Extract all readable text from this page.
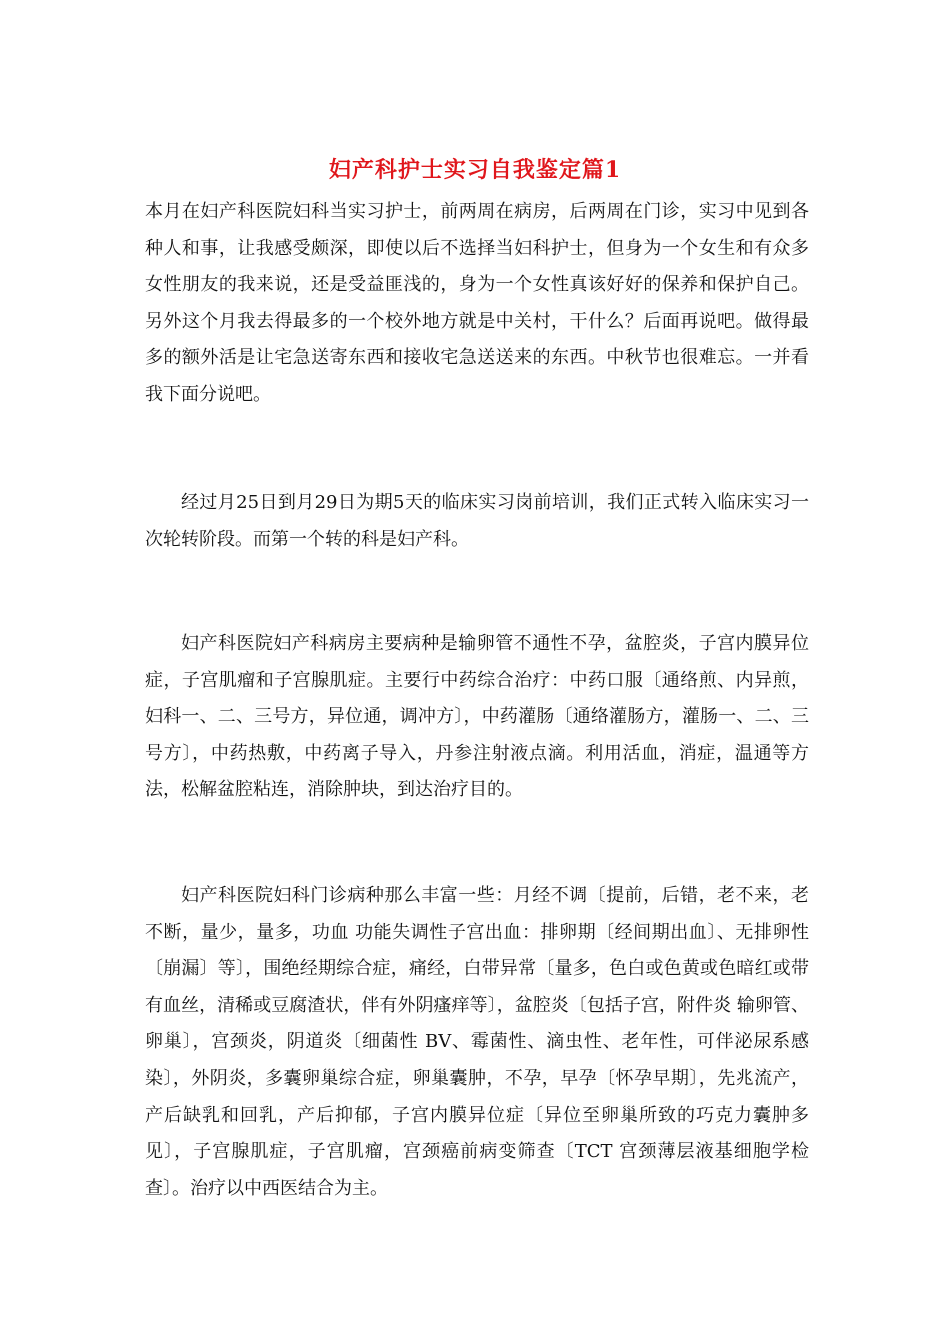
妇产科护士实习自我鉴定篇1

本月在妇产科医院妇科当实习护士，前两周在病房，后两周在门诊，实习中见到各种人和事，让我感受颇深，即使以后不选择当妇科护士，但身为一个女生和有众多女性朋友的我来说，还是受益匪浅的，身为一个女性真该好好的保养和保护自己。另外这个月我去得最多的一个校外地方就是中关村，干什么？后面再说吧。做得最多的额外活是让宅急送寄东西和接收宅急送送来的东西。中秋节也很难忘。一并看我下面分说吧。

经过月25日到月29日为期5天的临床实习岗前培训，我们正式转入临床实习一次轮转阶段。而第一个转的科是妇产科。

妇产科医院妇产科病房主要病种是输卵管不通性不孕，盆腔炎，子宫内膜异位症，子宫肌瘤和子宫腺肌症。主要行中药综合治疗：中药口服〔通络煎、内异煎，妇科一、二、三号方，异位通，调冲方〕，中药灌肠〔通络灌肠方，灌肠一、二、三号方〕，中药热敷，中药离子导入，丹参注射液点滴。利用活血，消症，温通等方法，松解盆腔粘连，消除肿块，到达治疗目的。

妇产科医院妇科门诊病种那么丰富一些：月经不调〔提前，后错，老不来，老不断，量少，量多，功血 功能失调性子宫出血：排卵期〔经间期出血〕、无排卵性〔崩漏〕等〕，围绝经期综合症，痛经，白带异常〔量多，色白或色黄或色暗红或带有血丝，清稀或豆腐渣状，伴有外阴瘙痒等〕，盆腔炎〔包括子宫，附件炎 输卵管、卵巢〕，宫颈炎，阴道炎〔细菌性 BV、霉菌性、滴虫性、老年性，可伴泌尿系感染〕，外阴炎，多囊卵巢综合症，卵巢囊肿，不孕，早孕〔怀孕早期〕，先兆流产，产后缺乳和回乳，产后抑郁，子宫内膜异位症〔异位至卵巢所致的巧克力囊肿多见〕，子宫腺肌症，子宫肌瘤，宫颈癌前病变筛查〔TCT 宫颈薄层液基细胞学检查〕。治疗以中西医结合为主。
